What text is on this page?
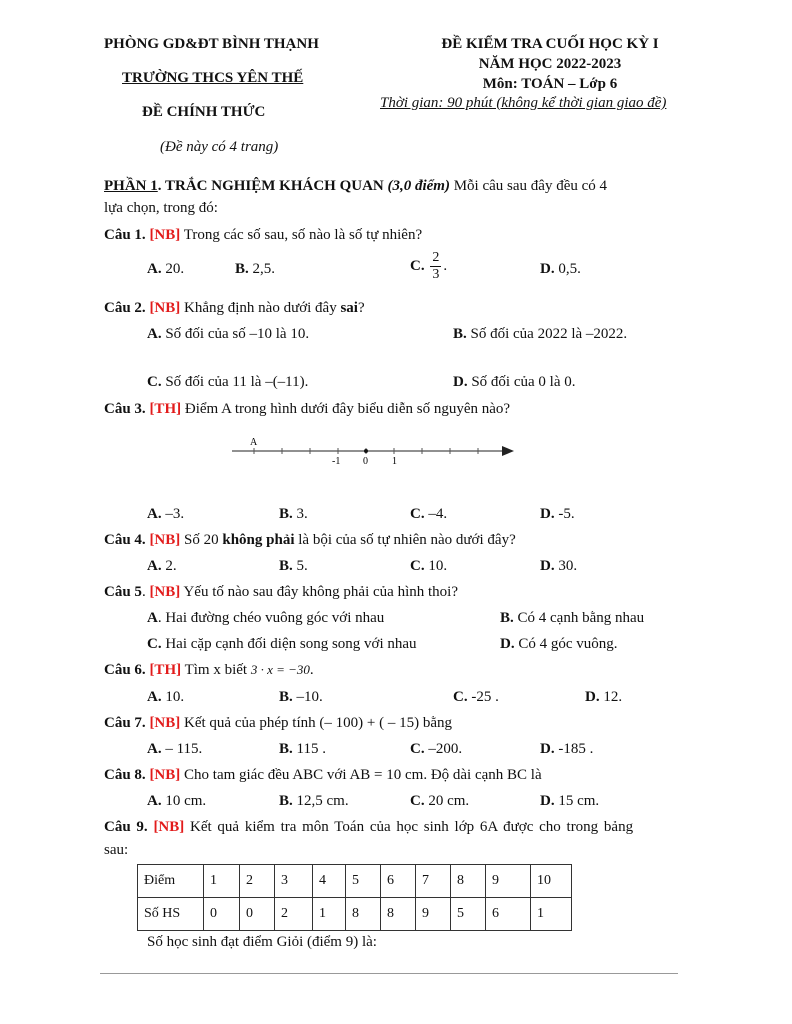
PHÒNG GD&ĐT BÌNH THẠNH
TRƯỜNG THCS YÊN THẾ
ĐỀ CHÍNH THỨC
(Đề này có 4 trang)
ĐỀ KIỂM TRA CUỐI HỌC KỲ I
NĂM HỌC 2022-2023
Môn: TOÁN – Lớp 6
Thời gian: 90 phút (không kể thời gian giao đề)
PHẦN 1. TRẮC NGHIỆM KHÁCH QUAN (3,0 điểm) Mỗi câu sau đây đều có 4
lựa chọn, trong đó:
Câu 1. [NB] Trong các số sau, số nào là số tự nhiên?
A. 20.	B. 2,5.	C. $\frac{2}{3}$ .	D. 0,5.
Câu 2. [NB] Khẳng định nào dưới đây sai?
A. Số đối của số –10 là 10.	B. Số đối của 2022 là –2022.
C. Số đối của 11 là –(–11).	D. Số đối của 0 là 0.
Câu 3. [TH] Điểm A trong hình dưới đây biểu diễn số nguyên nào?
A
-1 0 1
A. –3.	B. 3.	C. –4.	D. -5.
Câu 4. [NB] Số 20 không phải là bội của số tự nhiên nào dưới đây?
A. 2.	B. 5.	C. 10.	D. 30.
Câu 5. [NB] Yếu tố nào sau đây không phải của hình thoi?
A. Hai đường chéo vuông góc với nhau	B. Có 4 cạnh bằng nhau
C. Hai cặp cạnh đối diện song song với nhau	D. Có 4 góc vuông.
Câu 6. [TH] Tìm x biết 3 · x = −30.
A. 10.	B. –10.	C. -25 .	D. 12.
Câu 7. [NB] Kết quả của phép tính (– 100) + ( – 15) bằng
A. – 115.	B. 115 .	C. –200.	D. -185 .
Câu 8. [NB] Cho tam giác đều ABC với AB = 10 cm. Độ dài cạnh BC là
A. 10 cm.	B. 12,5 cm.	C. 20 cm.	D. 15 cm.
Câu 9. [NB] Kết quả kiểm tra môn Toán của học sinh lớp 6A được cho trong bảng
sau:
Điểm	1	2	3	4	5	6	7	8	9	10
Số HS	0	0	2	1	8	8	9	5	6	1
Số học sinh đạt điểm Giỏi (điểm 9) là:
